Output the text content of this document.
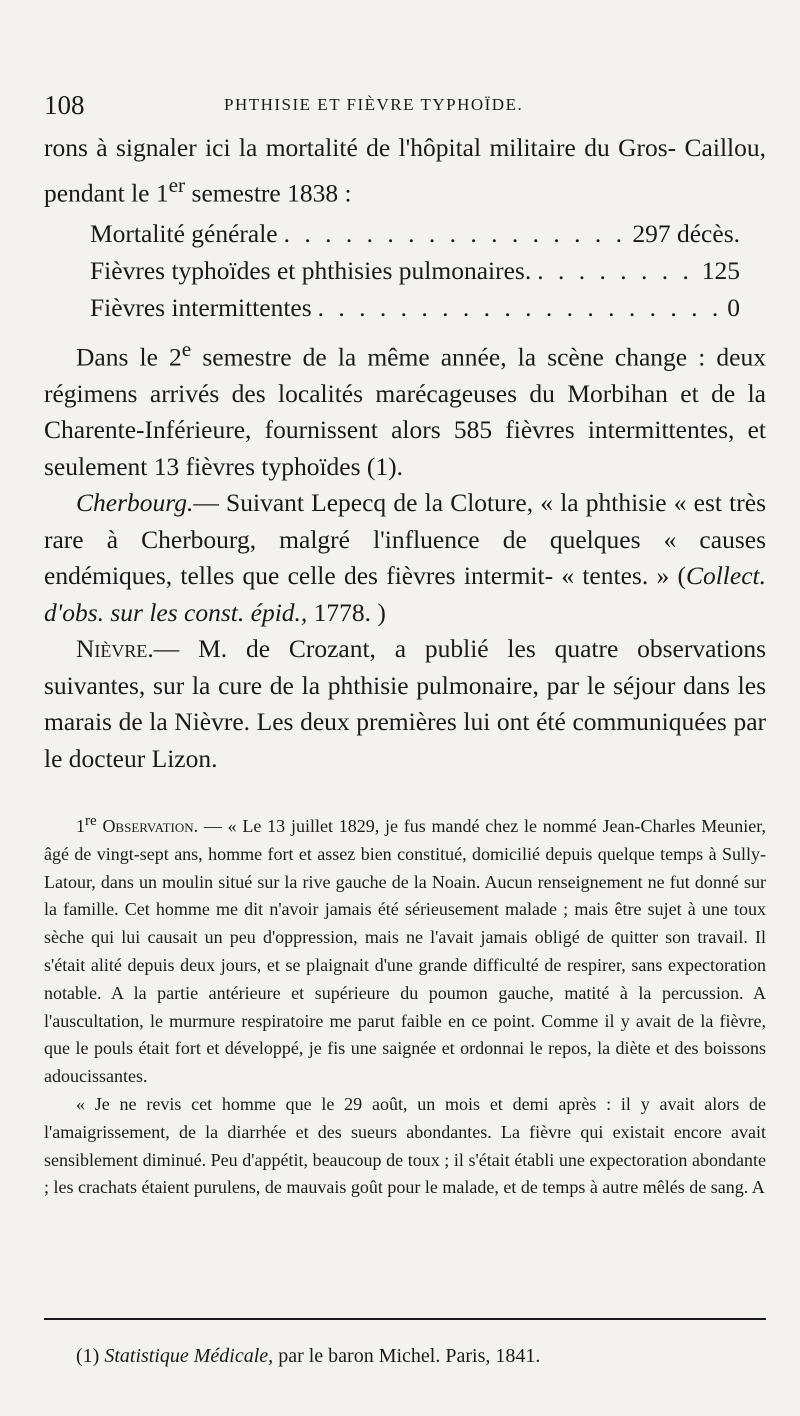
108	PHTHISIE ET FIÈVRE TYPHOÏDE.

rons à signaler ici la mortalité de l'hôpital militaire du Gros- Caillou, pendant le 1er semestre 1838 :

Mortalité générale . . .	297 décès.
Fièvres typhoïdes et phthisies pulmonaires. . . .	125
Fièvres intermittentes . . .	0

Dans le 2e semestre de la même année, la scène change : deux régimens arrivés des localités marécageuses du Morbihan et de la Charente-Inférieure, fournissent alors 585 fièvres intermittentes, et seulement 13 fièvres typhoïdes (1).

Cherbourg.— Suivant Lepecq de la Cloture, « la phthisie « est très rare à Cherbourg, malgré l'influence de quelques « causes endémiques, telles que celle des fièvres intermit- « tentes. » (Collect. d'obs. sur les const. épid., 1778. )

Nièvre.— M. de Crozant, a publié les quatre observations suivantes, sur la cure de la phthisie pulmonaire, par le séjour dans les marais de la Nièvre. Les deux premières lui ont été communiquées par le docteur Lizon.

1re Observation. — « Le 13 juillet 1829, je fus mandé chez le nommé Jean-Charles Meunier, âgé de vingt-sept ans, homme fort et assez bien constitué, domicilié depuis quelque temps à Sully-Latour, dans un moulin situé sur la rive gauche de la Noain. Aucun renseignement ne fut donné sur la famille. Cet homme me dit n'avoir jamais été sérieusement malade ; mais être sujet à une toux sèche qui lui causait un peu d'oppression, mais ne l'avait jamais obligé de quitter son travail. Il s'était alité depuis deux jours, et se plaignait d'une grande difficulté de respirer, sans expectoration notable. A la partie antérieure et supérieure du poumon gauche, matité à la percussion. A l'auscultation, le murmure respiratoire me parut faible en ce point. Comme il y avait de la fièvre, que le pouls était fort et développé, je fis une saignée et ordonnai le repos, la diète et des boissons adoucissantes.

« Je ne revis cet homme que le 29 août, un mois et demi après : il y avait alors de l'amaigrissement, de la diarrhée et des sueurs abondantes. La fièvre qui existait encore avait sensiblement diminué. Peu d'appétit, beaucoup de toux ; il s'était établi une expectoration abondante ; les crachats étaient purulens, de mauvais goût pour le malade, et de temps à autre mêlés de sang. A

(1) Statistique Médicale, par le baron Michel. Paris, 1841.
